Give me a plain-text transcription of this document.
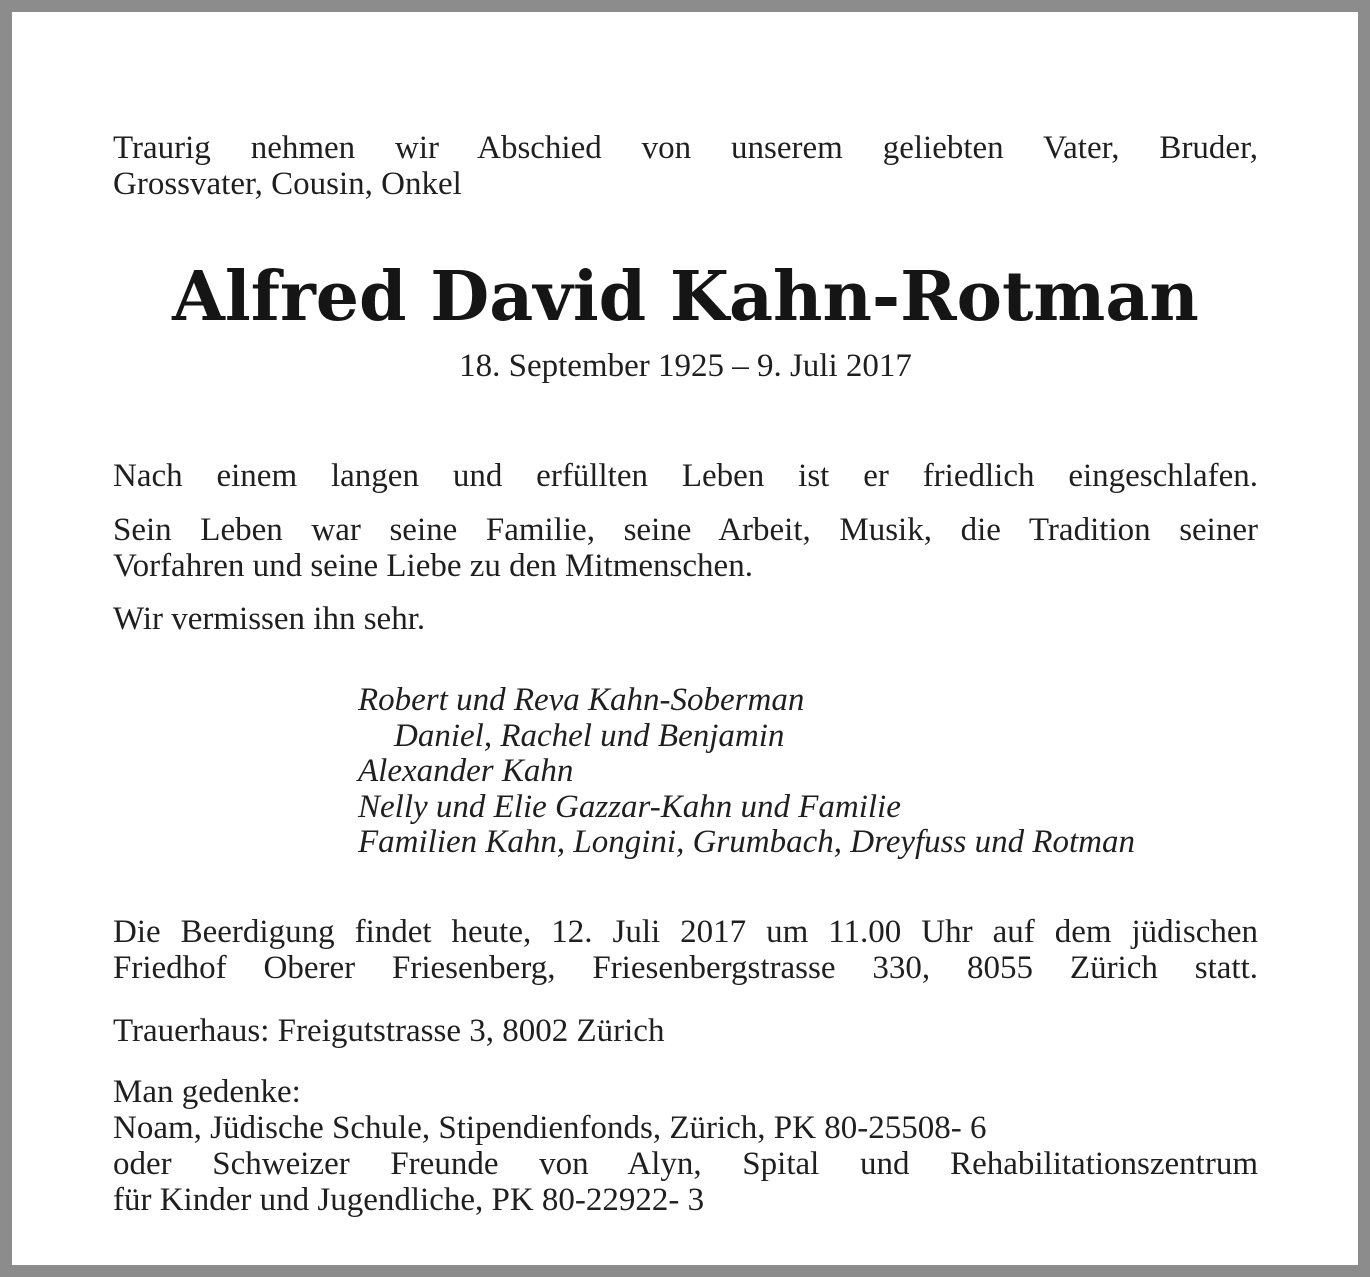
Traurig nehmen wir Abschied von unserem geliebten Vater, Bruder,
Grossvater, Cousin, Onkel
Alfred David Kahn-Rotman
18. September 1925 – 9. Juli 2017
Nach einem langen und erfüllten Leben ist er friedlich eingeschlafen.
Sein Leben war seine Familie, seine Arbeit, Musik, die Tradition seiner
Vorfahren und seine Liebe zu den Mitmenschen.
Wir vermissen ihn sehr.
Robert und Reva Kahn-Soberman
Daniel, Rachel und Benjamin
Alexander Kahn
Nelly und Elie Gazzar-Kahn und Familie
Familien Kahn, Longini, Grumbach, Dreyfuss und Rotman
Die Beerdigung findet heute, 12. Juli 2017 um 11.00 Uhr auf dem jüdischen
Friedhof Oberer Friesenberg, Friesenbergstrasse 330, 8055 Zürich statt.
Trauerhaus: Freigutstrasse 3, 8002 Zürich
Man gedenke:
Noam, Jüdische Schule, Stipendienfonds, Zürich, PK 80-25508- 6
oder Schweizer Freunde von Alyn, Spital und Rehabilitationszentrum
für Kinder und Jugendliche, PK 80-22922- 3
